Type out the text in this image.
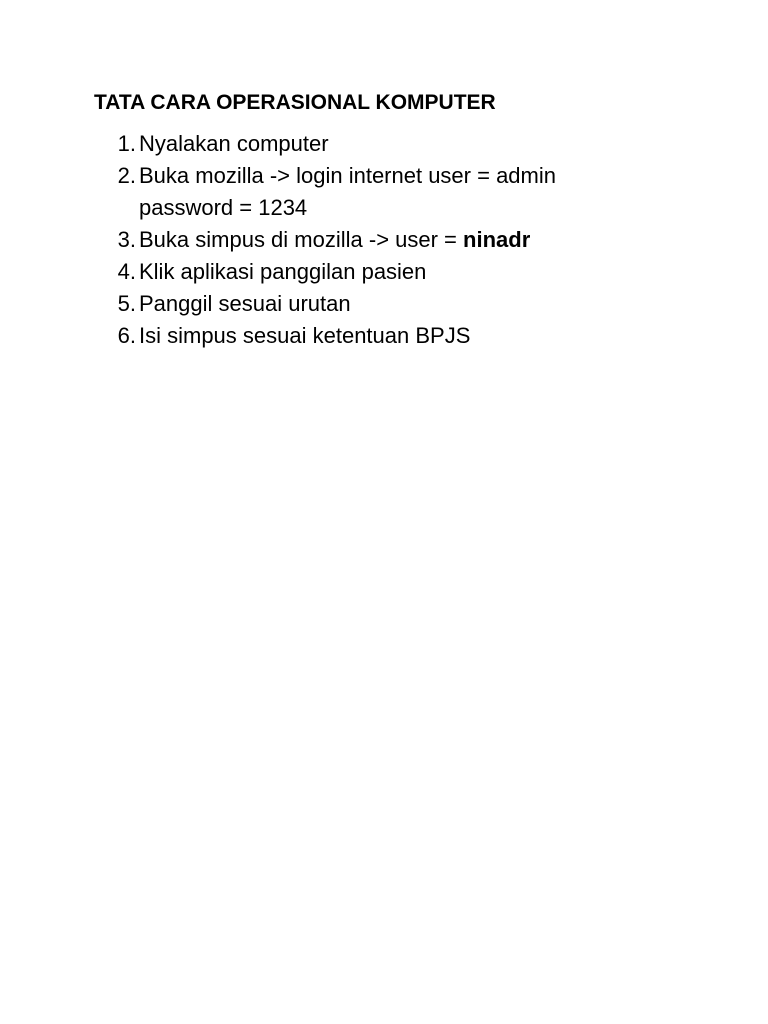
TATA CARA OPERASIONAL KOMPUTER
1. Nyalakan computer
2. Buka mozilla -> login internet user = admin
password = 1234
3. Buka simpus di mozilla -> user = ninadr
4. Klik aplikasi panggilan pasien
5. Panggil sesuai urutan
6. Isi simpus sesuai ketentuan BPJS
